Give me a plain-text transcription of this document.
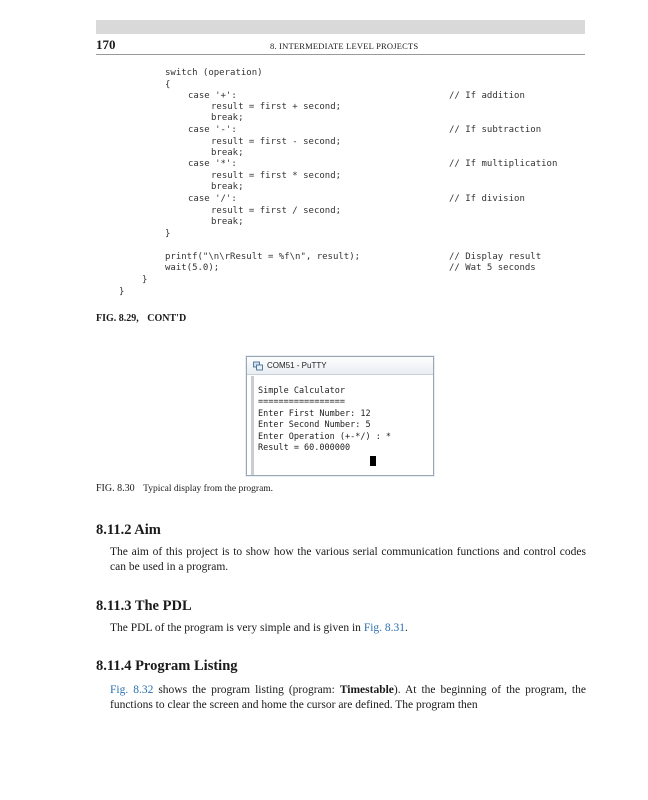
170	8. INTERMEDIATE LEVEL PROJECTS

switch (operation)

{

case '+':

	// If addition

result = first + second;

break;

case '-':

	// If subtraction

result = first - second;

break;

case '*':

	// If multiplication

result = first * second;

break;

case '/':

	// If division

result = first / second;

break;

}

printf("\n\rResult = %f\n", result);

	// Display result

wait(5.0);

	// Wat 5 seconds

}

}

FIG. 8.29, CONT'D
COM51 - PuTTY
Simple Calculator
=================
Enter First Number: 12
Enter Second Number: 5
Enter Operation (+-*/) : *
Result = 60.000000
FIG. 8.30 Typical display from the program.
8.11.2 Aim
The aim of this project is to show how the various serial communication functions and control codes can be used in a program.
8.11.3 The PDL
The PDL of the program is very simple and is given in Fig. 8.31.
8.11.4 Program Listing
Fig. 8.32 shows the program listing (program: Timestable). At the beginning of the program, the functions to clear the screen and home the cursor are defined. The program then
